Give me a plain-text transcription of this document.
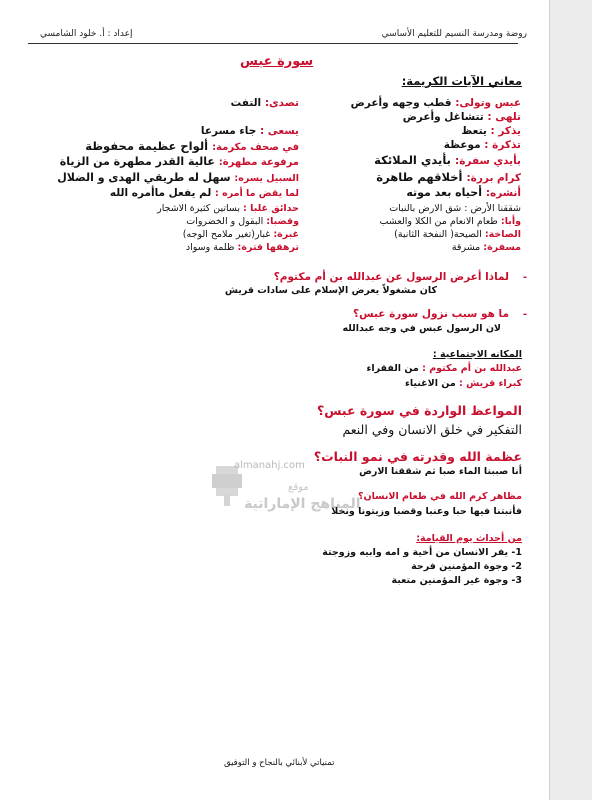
روضة ومدرسة النسيم للتعليم الأساسي
إعداد : أ. خلود الشامسي
سورة عبس
معاني الآيات الكريمة:
عبس وتولى: قطب وجهه وأعرض
تلهى : تتشاغل وأعرض
يذكر : يتعظ
تذكرة : موعظة
بأيدي سفرة: بأيدي الملائكة
كرام بررة: أخلاقهم طاهرة
أنشره: أحياه بعد موته
شققنا الأرض : شق الارض بالنبات
وأبا: طعام الانعام من الكلا والعشب
الصاخة: الصيحة( النفخة الثانية)
مسفرة: مشرقة
تصدى: التفت
يسعى : جاء مسرعا
في صحف مكرمة: ألواح عظيمة محفوظة
مرفوعة مطهرة: عالية القدر مطهرة من الزياة
السبيل يسره: سهل له طريقي الهدى و الضلال
لما يقض ما أمره : لم يفعل ماأمره الله
حدائق غلبا : بساتين كثيرة الاشجار
وقضبا: البقول و الخضروات
غبرة: غبار(تغير ملامح الوجه)
ترهقها قترة: ظلمة وسواد
-
لماذا أعرض الرسول عن عبدالله بن أم مكتوم؟
كان مشغولاً يعرض الإسلام على سادات قريش
-
ما هو سبب نزول سورة عبس؟
لان الرسول عبس في وجه عبدالله
المكانه الاجتماعية :
عبدالله بن أم مكتوم : من الفقراء
كبراء قريش : من الاغنياء
المواعظ الواردة في سورة عبس؟
التفكير في خلق الانسان وفي النعم
عظمة الله وقدرته في نمو النبات؟
أنا صببنا الماء صبا ثم شققنا الارض
almanahj.com
موقع
المناهج الإماراتية
مظاهر كرم الله في طعام الانسان؟
فأنبتنا فيها حبا وعنبا وقضبا وزيتونا ونخلا
من أحداث يوم القيامة:
1- يفر الانسان من أخية و امه وابيه وزوجتة
2- وجوة المؤمنين فرحة
3- وجوة غير المؤمنين متعبة
تمنياتي لأبنائي بالنجاح و التوفيق
